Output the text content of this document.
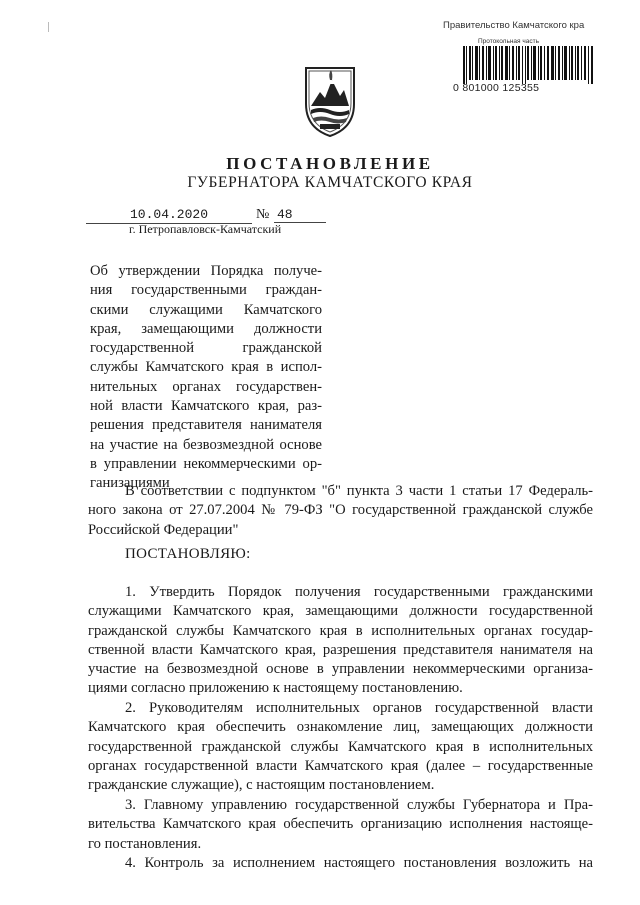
Правительство Камчатского кра
Протокольная часть
0 801000 125355
ПОСТАНОВЛЕНИЕ
ГУБЕРНАТОРА КАМЧАТСКОГО КРАЯ
10.04.2020	№ 48
г. Петропавловск-Камчатский
Об утверждении Порядка получе-
ния государственными граждан-
скими служащими Камчатского
края, замещающими должности
государственной гражданской
службы Камчатского края в испол-
нительных органах государствен-
ной власти Камчатского края, раз-
решения представителя нанимателя
на участие на безвозмездной основе
в управлении некоммерческими ор-
ганизациями
В соответствии с подпунктом "б" пункта 3 части 1 статьи 17 Федераль-
ного закона от 27.07.2004 № 79-ФЗ "О государственной гражданской службе
Российской Федерации"
ПОСТАНОВЛЯЮ:
1. Утвердить Порядок получения государственными гражданскими
служащими Камчатского края, замещающими должности государственной
гражданской службы Камчатского края в исполнительных органах государ-
ственной власти Камчатского края, разрешения представителя нанимателя на
участие на безвозмездной основе в управлении некоммерческими организа-
циями согласно приложению к настоящему постановлению.
2. Руководителям исполнительных органов государственной власти
Камчатского края обеспечить ознакомление лиц, замещающих должности
государственной гражданской службы Камчатского края в исполнительных
органах государственной власти Камчатского края (далее – государственные
гражданские служащие), с настоящим постановлением.
3. Главному управлению государственной службы Губернатора и Пра-
вительства Камчатского края обеспечить организацию исполнения настояще-
го постановления.
4. Контроль за исполнением настоящего постановления возложить на
